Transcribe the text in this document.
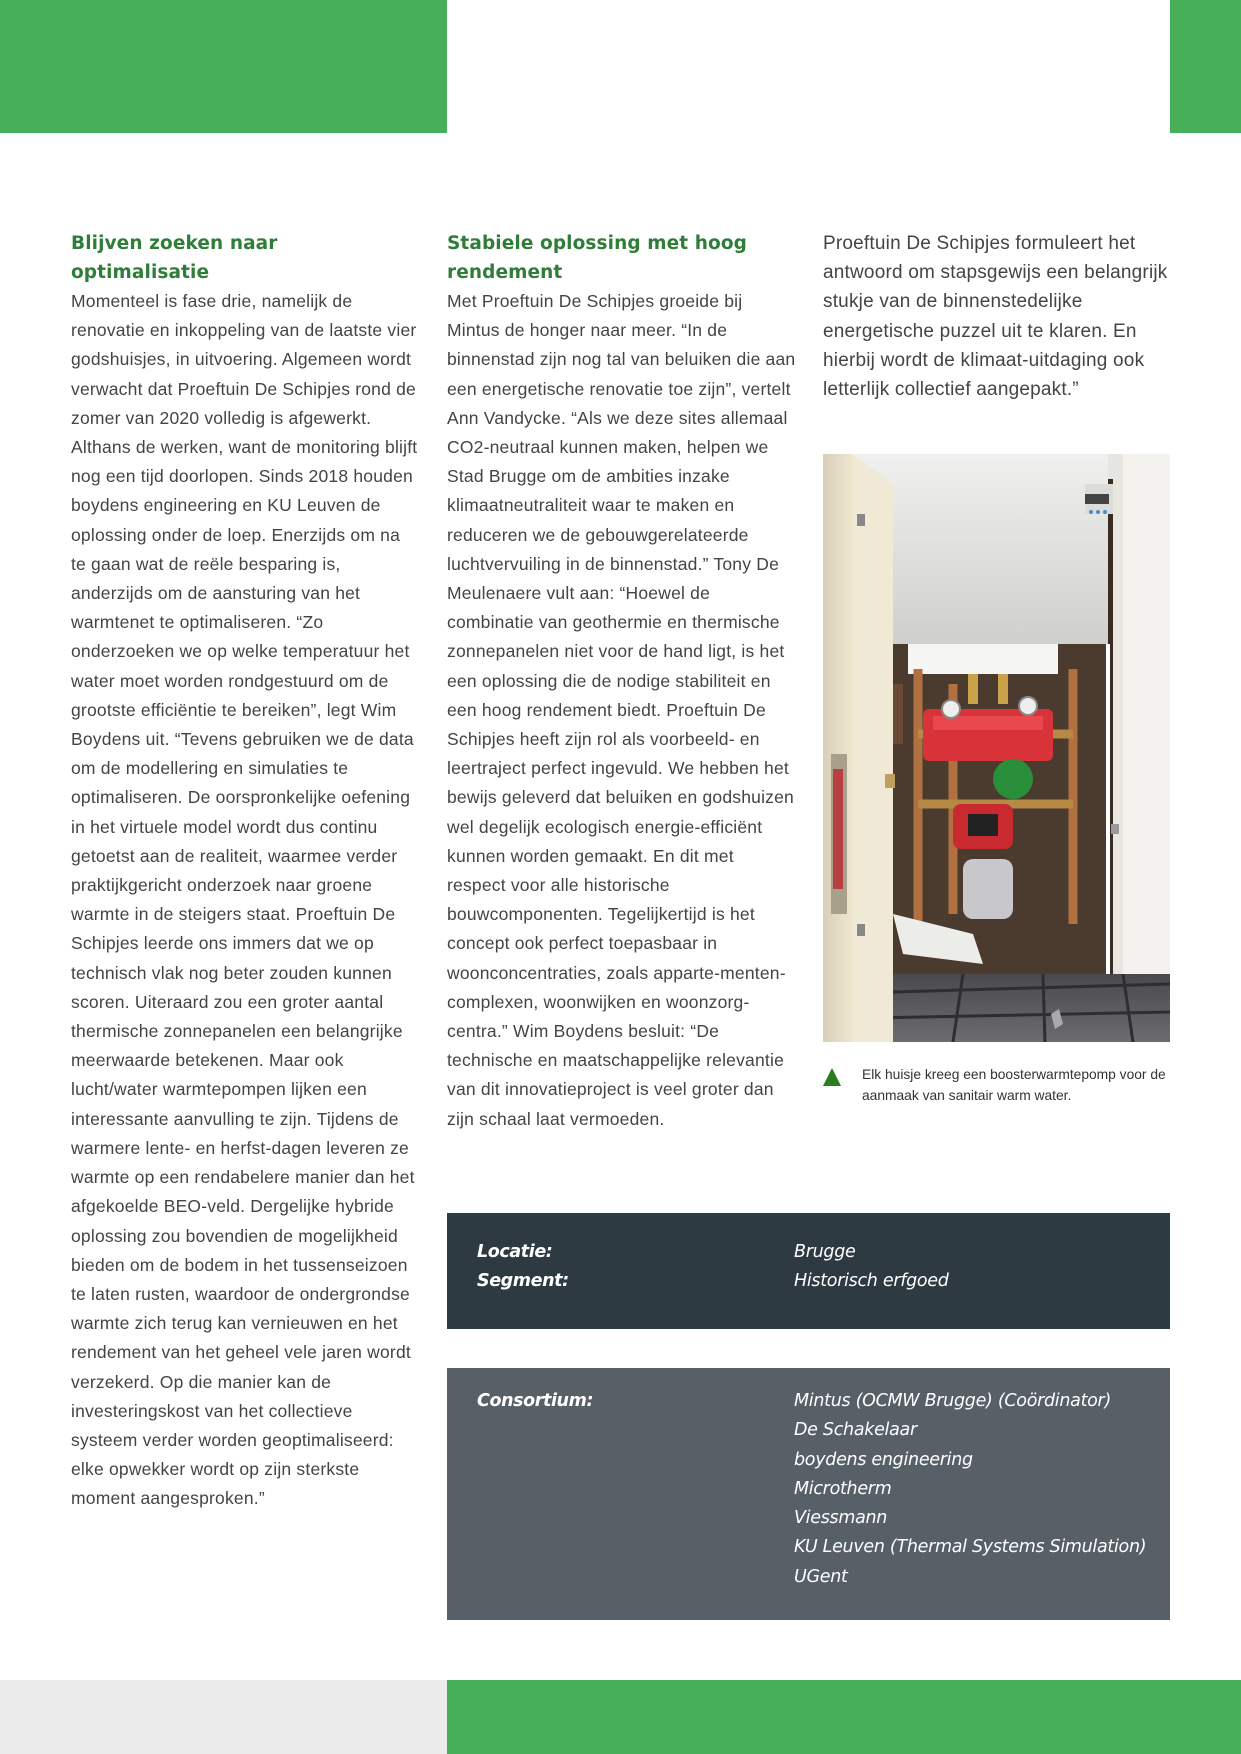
Blijven zoeken naar optimalisatie

Momenteel is fase drie, namelijk de renovatie en inkoppeling van de laatste vier godshuisjes, in uitvoering. Algemeen wordt verwacht dat Proeftuin De Schipjes rond de zomer van 2020 volledig is afgewerkt. Althans de werken, want de monitoring blijft nog een tijd doorlopen. Sinds 2018 houden boydens engineering en KU Leuven de oplossing onder de loep. Enerzijds om na te gaan wat de reële besparing is, anderzijds om de aansturing van het warmtenet te optimaliseren. “Zo onderzoeken we op welke temperatuur het water moet worden rondgestuurd om de grootste efficiëntie te bereiken”, legt Wim Boydens uit. “Tevens gebruiken we de data om de modellering en simulaties te optimaliseren. De oorspronkelijke oefening in het virtuele model wordt dus continu getoetst aan de realiteit, waarmee verder praktijkgericht onderzoek naar groene warmte in de steigers staat. Proeftuin De Schipjes leerde ons immers dat we op technisch vlak nog beter zouden kunnen scoren. Uiteraard zou een groter aantal thermische zonnepanelen een belangrijke meerwaarde betekenen. Maar ook lucht/water warmtepompen lijken een interessante aanvulling te zijn. Tijdens de warmere lente- en herfst-dagen leveren ze warmte op een rendabelere manier dan het afgekoelde BEO-veld. Dergelijke hybride oplossing zou bovendien de mogelijkheid bieden om de bodem in het tussenseizoen te laten rusten, waardoor de ondergrondse warmte zich terug kan vernieuwen en het rendement van het geheel vele jaren wordt verzekerd. Op die manier kan de investeringskost van het collectieve systeem verder worden geoptimaliseerd: elke opwekker wordt op zijn sterkste moment aangesproken.”

Stabiele oplossing met hoog rendement

Met Proeftuin De Schipjes groeide bij Mintus de honger naar meer. “In de binnenstad zijn nog tal van beluiken die aan een energetische renovatie toe zijn”, vertelt Ann Vandycke. “Als we deze sites allemaal CO2-neutraal kunnen maken, helpen we Stad Brugge om de ambities inzake klimaatneutraliteit waar te maken en reduceren we de gebouwgerelateerde luchtvervuiling in de binnenstad.” Tony De Meulenaere vult aan: “Hoewel de combinatie van geothermie en thermische zonnepanelen niet voor de hand ligt, is het een oplossing die de nodige stabiliteit en een hoog rendement biedt. Proeftuin De Schipjes heeft zijn rol als voorbeeld- en leertraject perfect ingevuld. We hebben het bewijs geleverd dat beluiken en godshuizen wel degelijk ecologisch energie-efficiënt kunnen worden gemaakt. En dit met respect voor alle historische bouwcomponenten. Tegelijkertijd is het concept ook perfect toepasbaar in woonconcentraties, zoals apparte-menten-complexen, woonwijken en woonzorg-centra.” Wim Boydens besluit: “De technische en maatschappelijke relevantie van dit innovatieproject is veel groter dan zijn schaal laat vermoeden.

Proeftuin De Schipjes formuleert het antwoord om stapsgewijs een belangrijk stukje van de binnenstedelijke energetische puzzel uit te klaren. En hierbij wordt de klimaat-uitdaging ook letterlijk collectief aangepakt.”

Elk huisje kreeg een boosterwarmtepomp voor de aanmaak van sanitair warm water.
Locatie:	Brugge
Segment:	Historisch erfgoed
Consortium:	Mintus (OCMW Brugge) (Coördinator)
De Schakelaar
boydens engineering
Microtherm
Viessmann
KU Leuven (Thermal Systems Simulation)
UGent
